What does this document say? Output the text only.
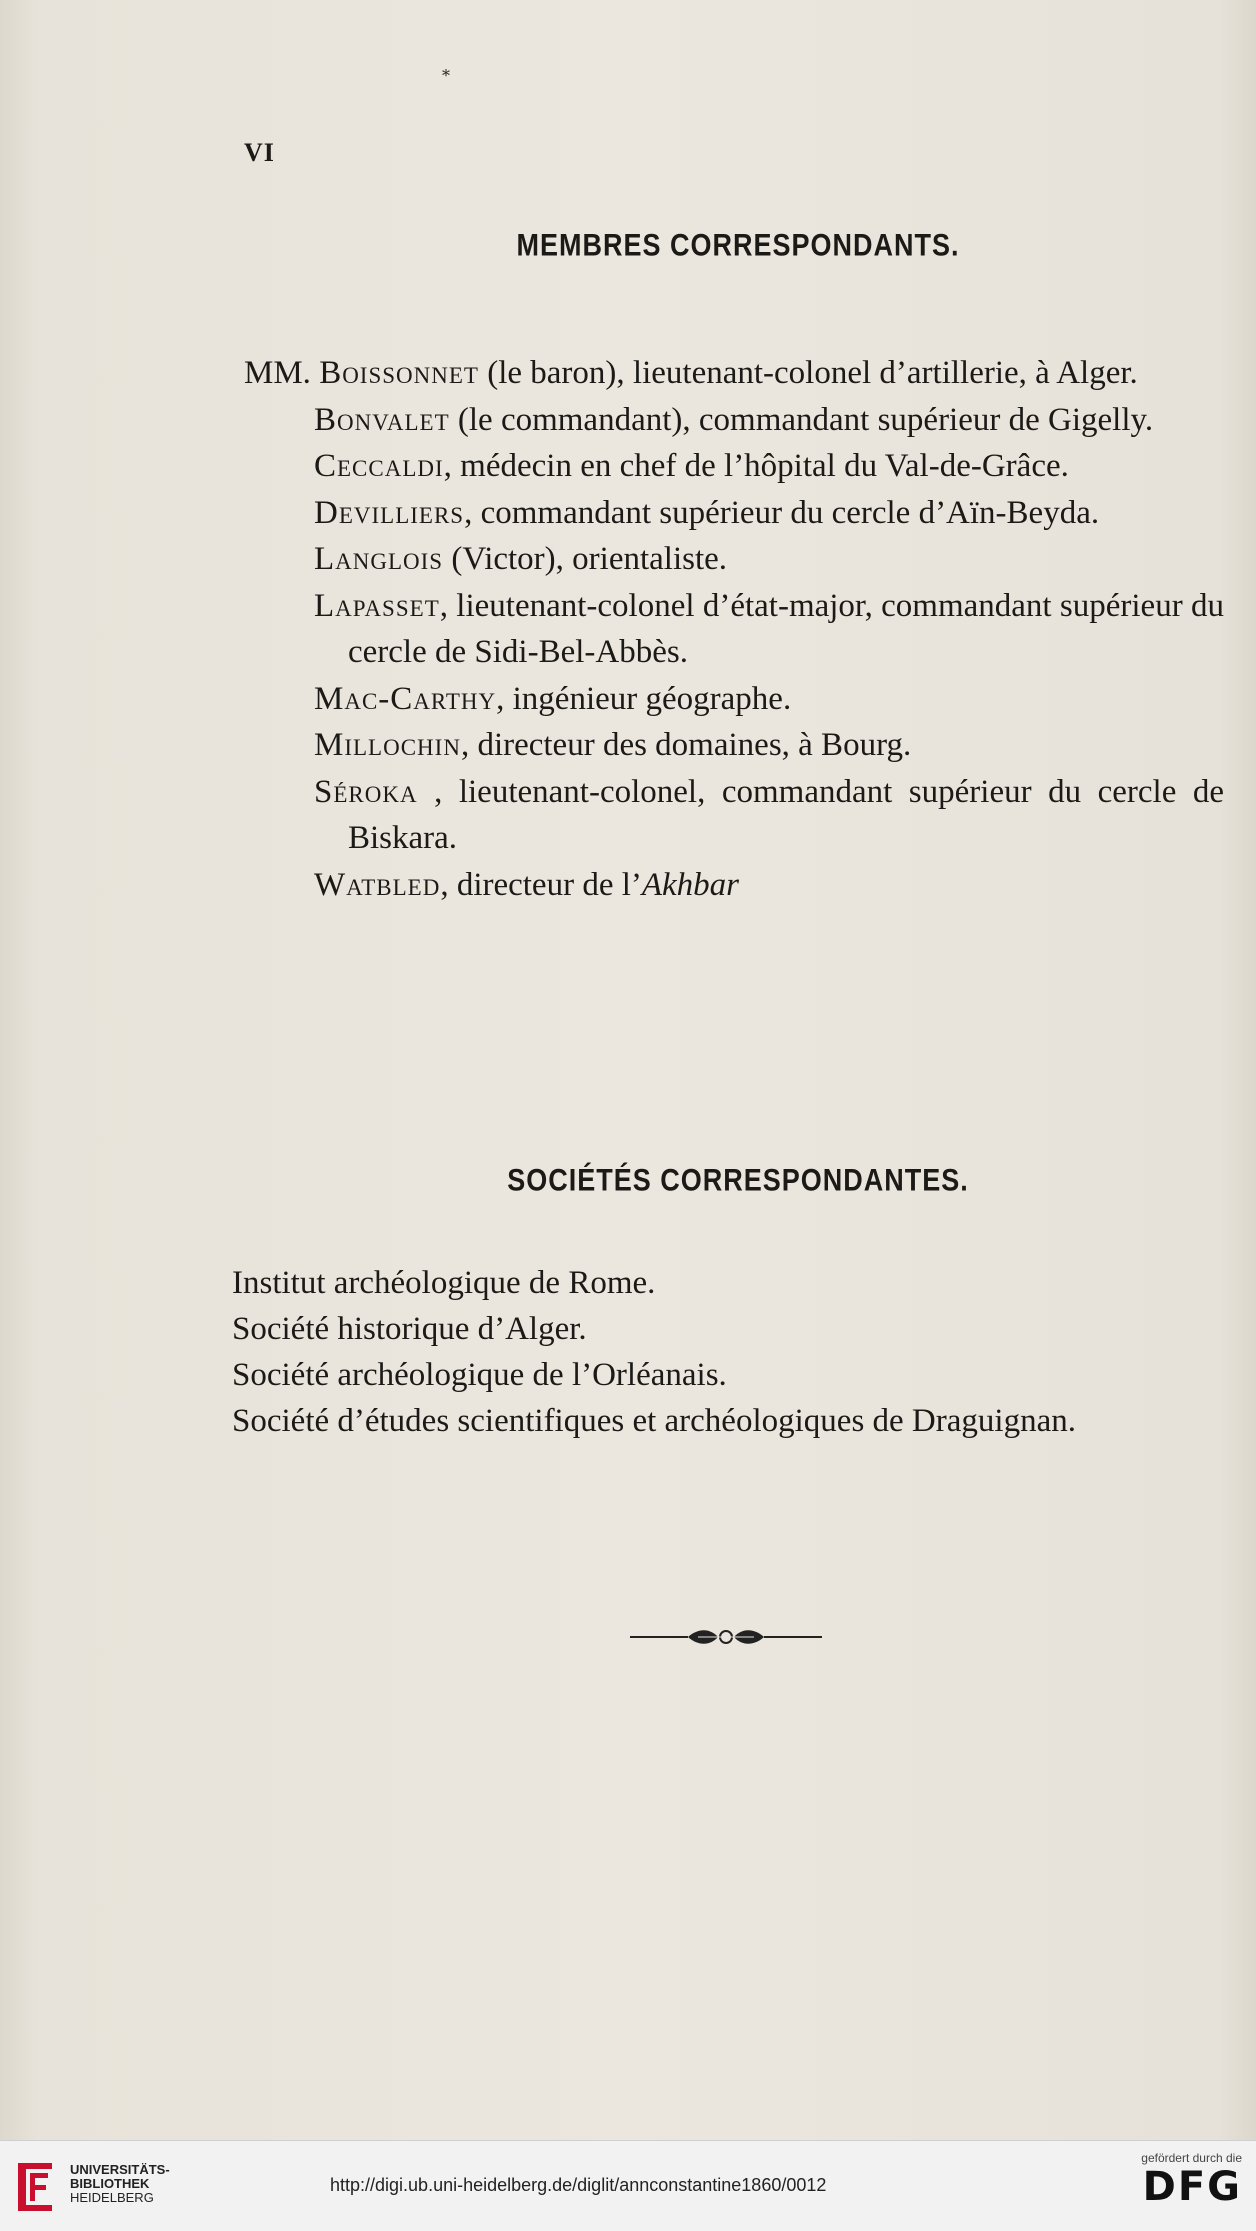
*
VI
MEMBRES CORRESPONDANTS.

MM. Boissonnet (le baron), lieutenant-colonel d’artillerie, à Alger.

Bonvalet (le commandant), commandant supérieur de Gigelly.

Ceccaldi, médecin en chef de l’hôpital du Val-de-Grâce.

Devilliers, commandant supérieur du cercle d’Aïn-Beyda.

Langlois (Victor), orientaliste.

Lapasset, lieutenant-colonel d’état-major, commandant supérieur du cercle de Sidi-Bel-Abbès.

Mac-Carthy, ingénieur géographe.

Millochin, directeur des domaines, à Bourg.

Séroka , lieutenant-colonel, commandant supérieur du cercle de Biskara.

Watbled, directeur de l’Akhbar

SOCIÉTÉS CORRESPONDANTES.
Institut archéologique de Rome.
Société historique d’Alger.
Société archéologique de l’Orléanais.
Société d’études scientifiques et archéologiques de Draguignan.
UNIVERSITÄTS-
BIBLIOTHEK
HEIDELBERG
http://digi.ub.uni-heidelberg.de/diglit/annconstantine1860/0012
gefördert durch die
DFG
